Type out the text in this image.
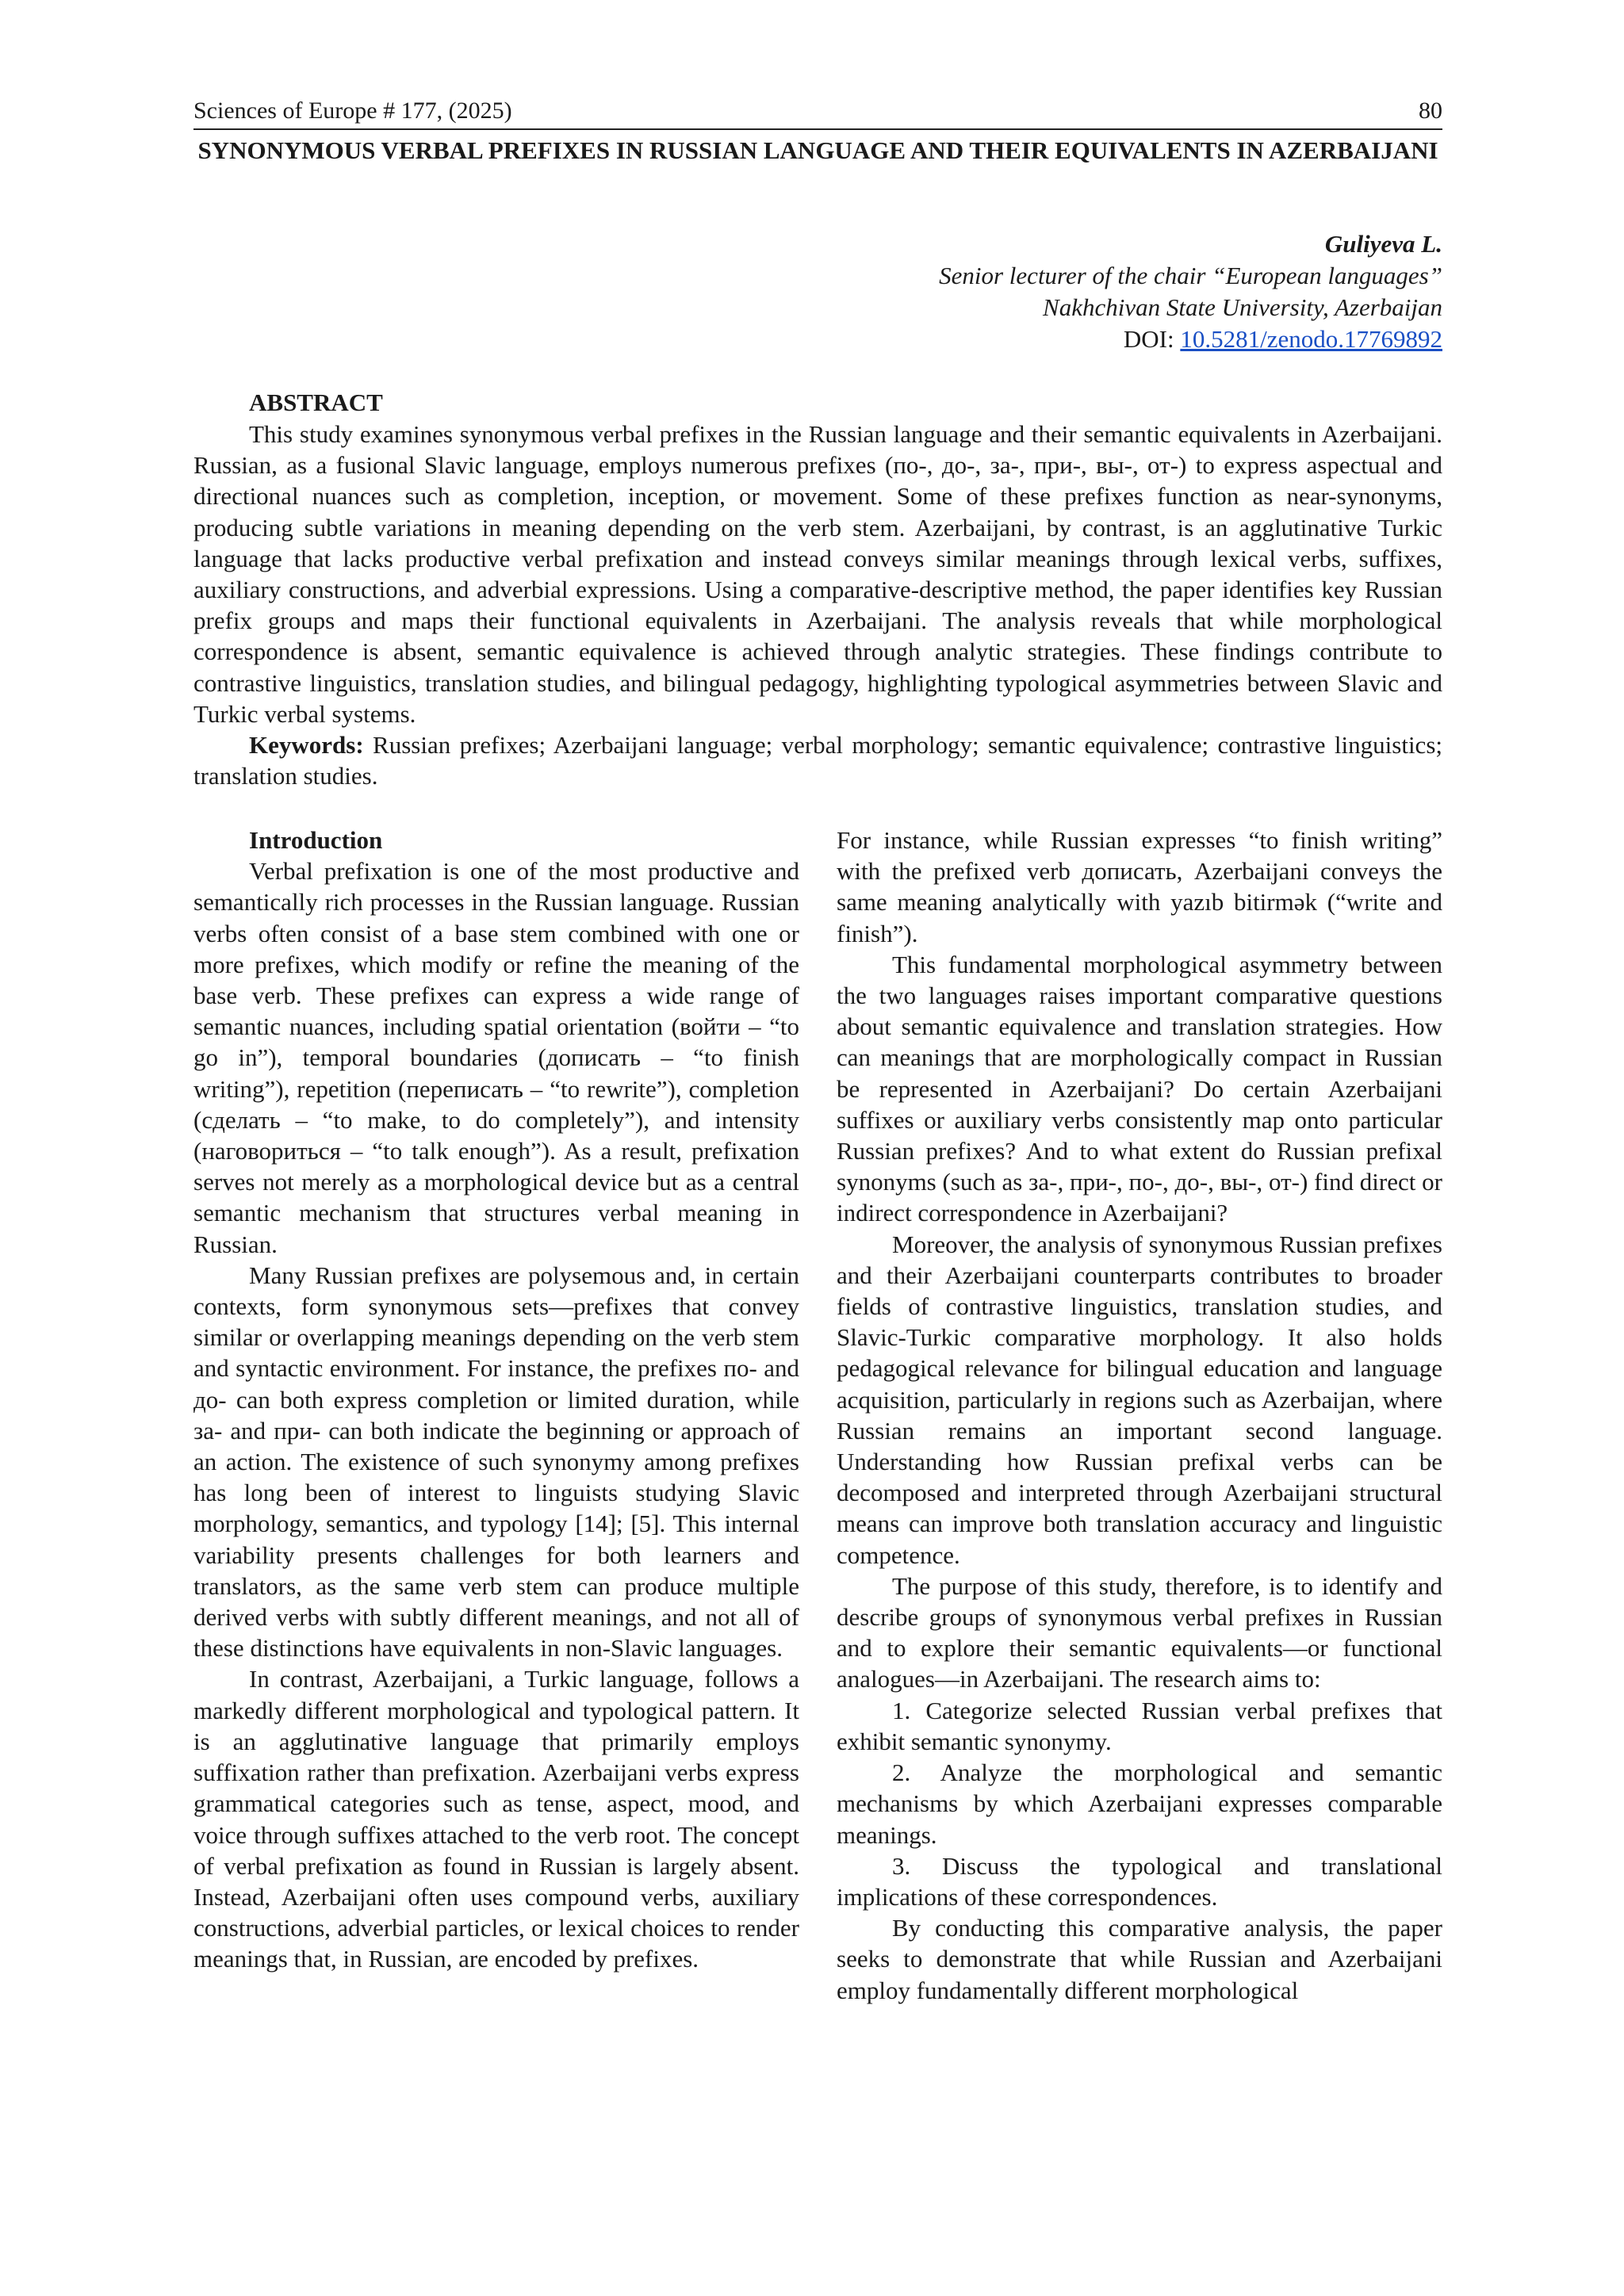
Sciences of Europe # 177, (2025)	80
SYNONYMOUS VERBAL PREFIXES IN RUSSIAN LANGUAGE AND THEIR EQUIVALENTS IN AZERBAIJANI
Guliyeva L.
Senior lecturer of the chair “European languages”
Nakhchivan State University, Azerbaijan
DOI: 10.5281/zenodo.17769892
ABSTRACT

This study examines synonymous verbal prefixes in the Russian language and their semantic equivalents in Azerbaijani. Russian, as a fusional Slavic language, employs numerous prefixes (по-, до-, за-, при-, вы-, от-) to express aspectual and directional nuances such as completion, inception, or movement. Some of these prefixes function as near-synonyms, producing subtle variations in meaning depending on the verb stem. Azerbaijani, by contrast, is an agglutinative Turkic language that lacks productive verbal prefixation and instead conveys similar meanings through lexical verbs, suffixes, auxiliary constructions, and adverbial expressions. Using a comparative-descriptive method, the paper identifies key Russian prefix groups and maps their functional equivalents in Azerbaijani. The analysis reveals that while morphological correspondence is absent, semantic equivalence is achieved through analytic strategies. These findings contribute to contrastive linguistics, translation studies, and bilingual pedagogy, highlighting typological asymmetries between Slavic and Turkic verbal systems.

Keywords: Russian prefixes; Azerbaijani language; verbal morphology; semantic equivalence; contrastive linguistics; translation studies.

Introduction

Verbal prefixation is one of the most productive and semantically rich processes in the Russian language. Russian verbs often consist of a base stem combined with one or more prefixes, which modify or refine the meaning of the base verb. These prefixes can express a wide range of semantic nuances, including spatial orientation (войти – “to go in”), temporal boundaries (дописать – “to finish writing”), repetition (переписать – “to rewrite”), completion (сделать – “to make, to do completely”), and intensity (наговориться – “to talk enough”). As a result, prefixation serves not merely as a morphological device but as a central semantic mechanism that structures verbal meaning in Russian.

Many Russian prefixes are polysemous and, in certain contexts, form synonymous sets—prefixes that convey similar or overlapping meanings depending on the verb stem and syntactic environment. For instance, the prefixes по- and до- can both express completion or limited duration, while за- and при- can both indicate the beginning or approach of an action. The existence of such synonymy among prefixes has long been of interest to linguists studying Slavic morphology, semantics, and typology [14]; [5]. This internal variability presents challenges for both learners and translators, as the same verb stem can produce multiple derived verbs with subtly different meanings, and not all of these distinctions have equivalents in non-Slavic languages.

In contrast, Azerbaijani, a Turkic language, follows a markedly different morphological and typological pattern. It is an agglutinative language that primarily employs suffixation rather than prefixation. Azerbaijani verbs express grammatical categories such as tense, aspect, mood, and voice through suffixes attached to the verb root. The concept of verbal prefixation as found in Russian is largely absent. Instead, Azerbaijani often uses compound verbs, auxiliary constructions, adverbial particles, or lexical choices to render meanings that, in Russian, are encoded by prefixes.

For instance, while Russian expresses “to finish writing” with the prefixed verb дописать, Azerbaijani conveys the same meaning analytically with yazıb bitirmək (“write and finish”).

This fundamental morphological asymmetry between the two languages raises important comparative questions about semantic equivalence and translation strategies. How can meanings that are morphologically compact in Russian be represented in Azerbaijani? Do certain Azerbaijani suffixes or auxiliary verbs consistently map onto particular Russian prefixes? And to what extent do Russian prefixal synonyms (such as за-, при-, по-, до-, вы-, от-) find direct or indirect correspondence in Azerbaijani?

Moreover, the analysis of synonymous Russian prefixes and their Azerbaijani counterparts contributes to broader fields of contrastive linguistics, translation studies, and Slavic-Turkic comparative morphology. It also holds pedagogical relevance for bilingual education and language acquisition, particularly in regions such as Azerbaijan, where Russian remains an important second language. Understanding how Russian prefixal verbs can be decomposed and interpreted through Azerbaijani structural means can improve both translation accuracy and linguistic competence.

The purpose of this study, therefore, is to identify and describe groups of synonymous verbal prefixes in Russian and to explore their semantic equivalents—or functional analogues—in Azerbaijani. The research aims to:

1. Categorize selected Russian verbal prefixes that exhibit semantic synonymy.

2. Analyze the morphological and semantic mechanisms by which Azerbaijani expresses comparable meanings.

3. Discuss the typological and translational implications of these correspondences.

By conducting this comparative analysis, the paper seeks to demonstrate that while Russian and Azerbaijani employ fundamentally different morphological
